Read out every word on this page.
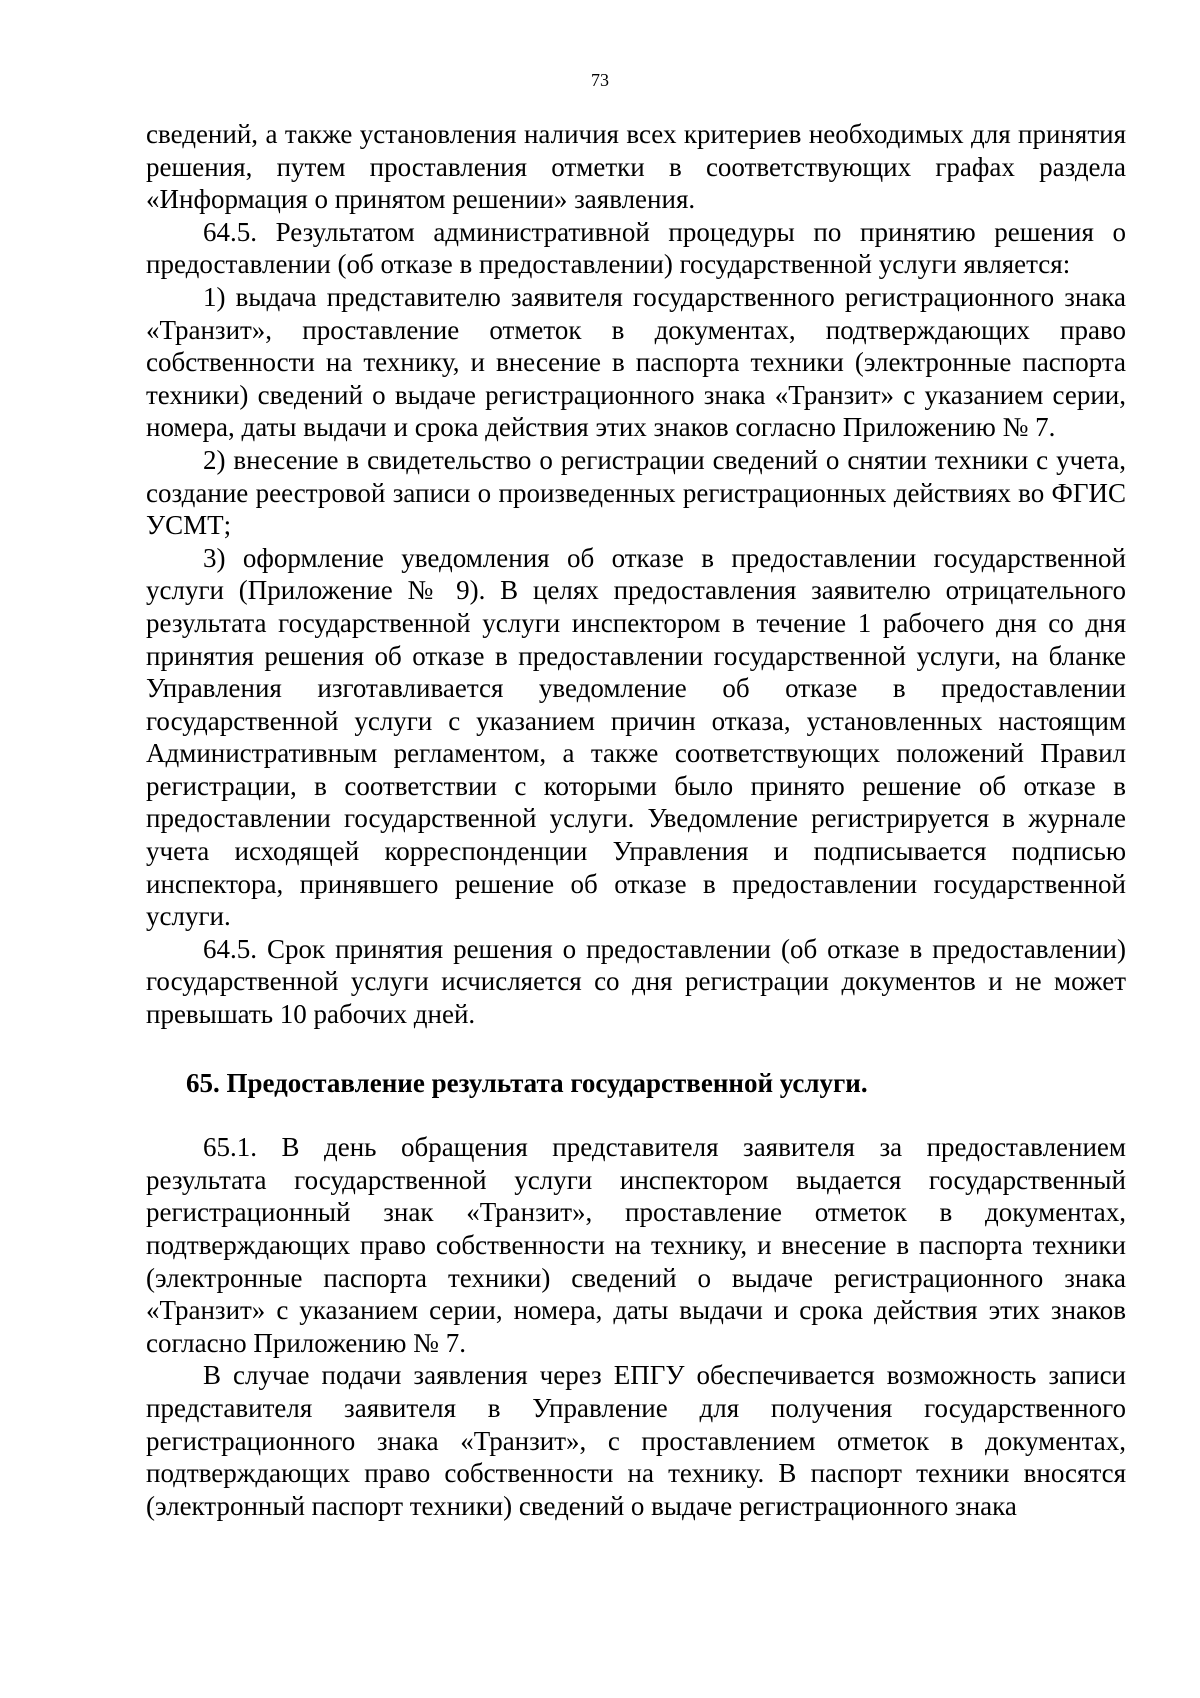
73

сведений, а также установления наличия всех критериев необходимых для принятия решения, путем проставления отметки в соответствующих графах раздела «Информация о принятом решении» заявления.

64.5. Результатом административной процедуры по принятию решения о предоставлении (об отказе в предоставлении) государственной услуги является:

1) выдача представителю заявителя государственного регистрационного знака «Транзит», проставление отметок в документах, подтверждающих право собственности на технику, и внесение в паспорта техники (электронные паспорта техники) сведений о выдаче регистрационного знака «Транзит» с указанием серии, номера, даты выдачи и срока действия этих знаков согласно Приложению № 7.

2) внесение в свидетельство о регистрации сведений о снятии техники с учета, создание реестровой записи о произведенных регистрационных действиях во ФГИС УСМТ;

3) оформление уведомления об отказе в предоставлении государственной услуги (Приложение № 9). В целях предоставления заявителю отрицательного результата государственной услуги инспектором в течение 1 рабочего дня со дня принятия решения об отказе в предоставлении государственной услуги, на бланке Управления изготавливается уведомление об отказе в предоставлении государственной услуги с указанием причин отказа, установленных настоящим Административным регламентом, а также соответствующих положений Правил регистрации, в соответствии с которыми было принято решение об отказе в предоставлении государственной услуги. Уведомление регистрируется в журнале учета исходящей корреспонденции Управления и подписывается подписью инспектора, принявшего решение об отказе в предоставлении государственной услуги.

64.5. Срок принятия решения о предоставлении (об отказе в предоставлении) государственной услуги исчисляется со дня регистрации документов и не может превышать 10 рабочих дней.

65. Предоставление результата государственной услуги.

65.1. В день обращения представителя заявителя за предоставлением результата государственной услуги инспектором выдается государственный регистрационный знак «Транзит», проставление отметок в документах, подтверждающих право собственности на технику, и внесение в паспорта техники (электронные паспорта техники) сведений о выдаче регистрационного знака «Транзит» с указанием серии, номера, даты выдачи и срока действия этих знаков согласно Приложению № 7.

В случае подачи заявления через ЕПГУ обеспечивается возможность записи представителя заявителя в Управление для получения государственного регистрационного знака «Транзит», с проставлением отметок в документах, подтверждающих право собственности на технику. В паспорт техники вносятся (электронный паспорт техники) сведений о выдаче регистрационного знака
